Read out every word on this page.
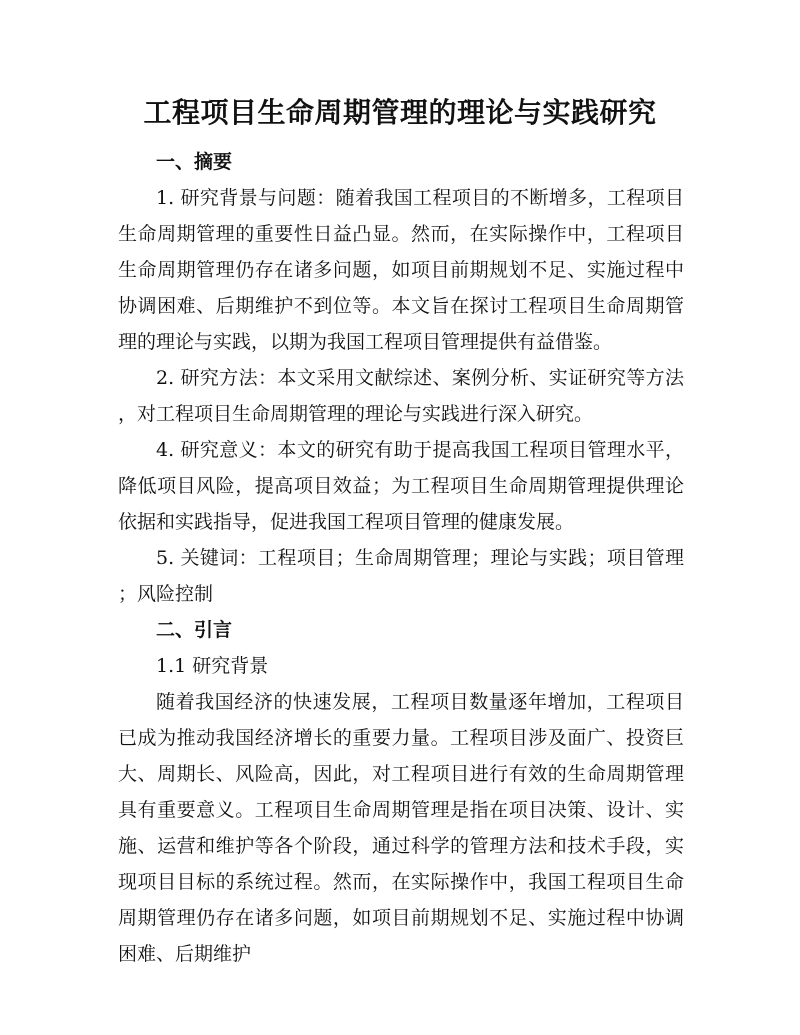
工程项目生命周期管理的理论与实践研究

一、摘要

1. 研究背景与问题：随着我国工程项目的不断增多，工程项目生命周期管理的重要性日益凸显。然而，在实际操作中，工程项目生命周期管理仍存在诸多问题，如项目前期规划不足、实施过程中协调困难、后期维护不到位等。本文旨在探讨工程项目生命周期管理的理论与实践，以期为我国工程项目管理提供有益借鉴。

2. 研究方法：本文采用文献综述、案例分析、实证研究等方法，对工程项目生命周期管理的理论与实践进行深入研究。

4. 研究意义：本文的研究有助于提高我国工程项目管理水平，降低项目风险，提高项目效益；为工程项目生命周期管理提供理论依据和实践指导，促进我国工程项目管理的健康发展。

5. 关键词：工程项目；生命周期管理；理论与实践；项目管理；风险控制

二、引言

1.1 研究背景

随着我国经济的快速发展，工程项目数量逐年增加，工程项目已成为推动我国经济增长的重要力量。工程项目涉及面广、投资巨大、周期长、风险高，因此，对工程项目进行有效的生命周期管理具有重要意义。工程项目生命周期管理是指在项目决策、设计、实施、运营和维护等各个阶段，通过科学的管理方法和技术手段，实现项目目标的系统过程。然而，在实际操作中，我国工程项目生命周期管理仍存在诸多问题，如项目前期规划不足、实施过程中协调困难、后期维护
